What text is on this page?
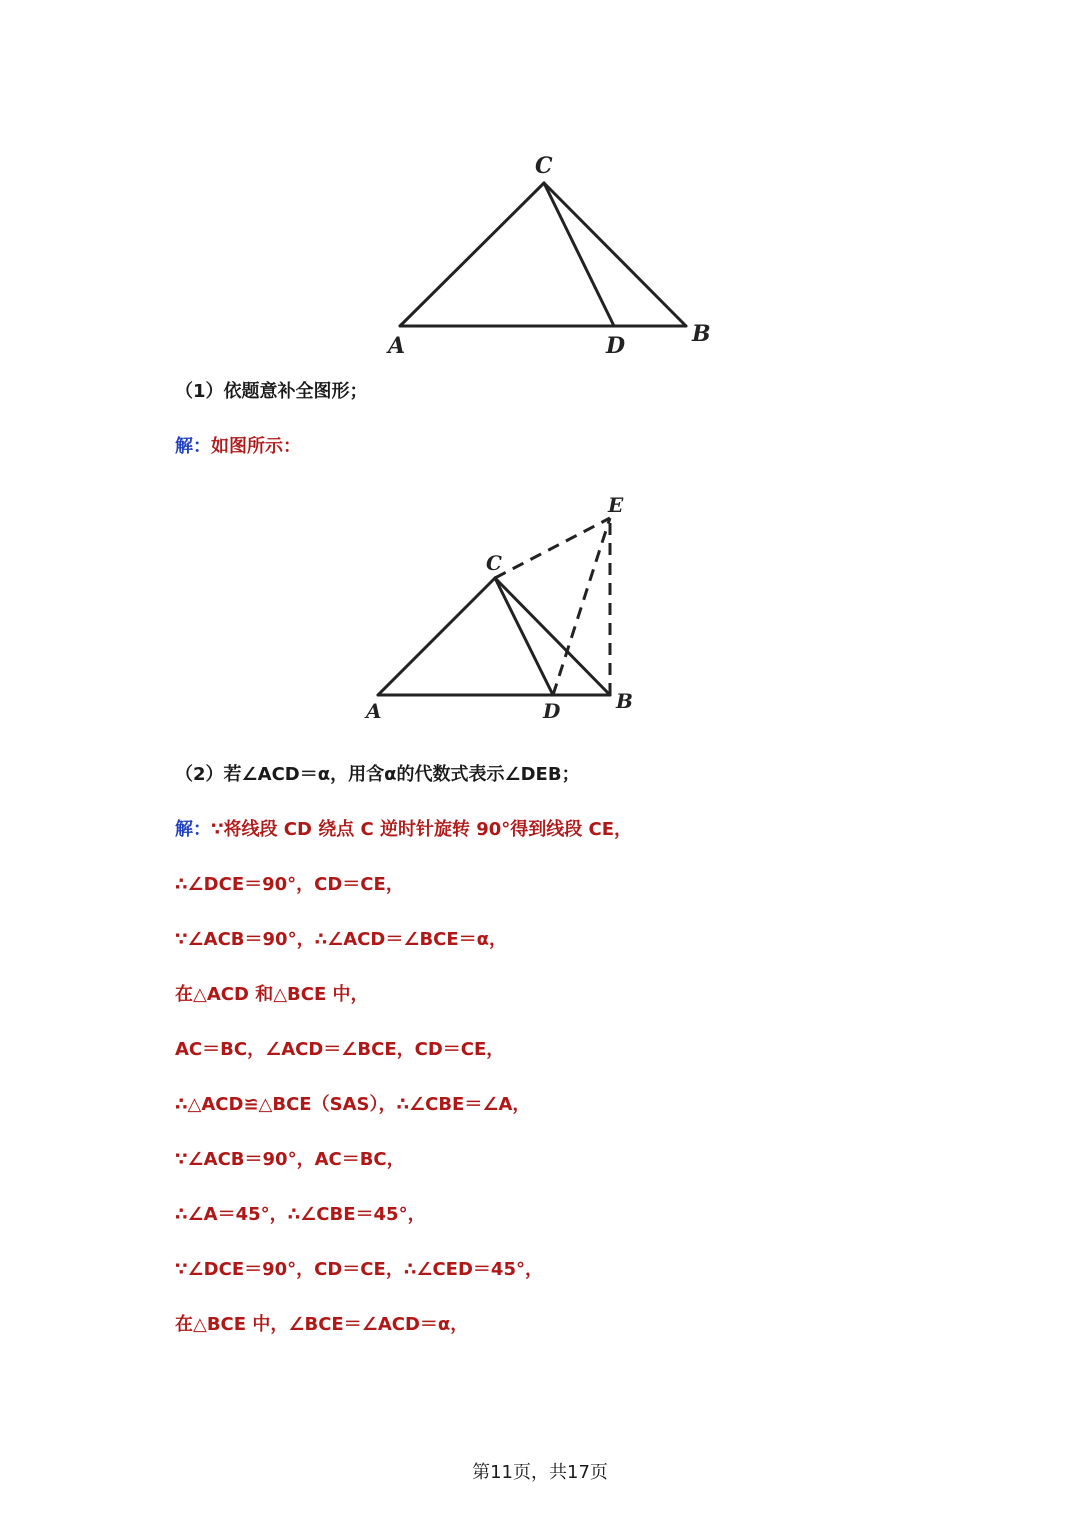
C
A	D	B
（1）依题意补全图形；
解：如图所示：
E
C
A	D	B
（2）若∠ACD＝α，用含α的代数式表示∠DEB；
解：∵将线段 CD 绕点 C 逆时针旋转 90°得到线段 CE，
∴∠DCE＝90°，CD＝CE，
∵∠ACB＝90°，∴∠ACD＝∠BCE＝α，
在△ACD 和△BCE 中，
AC＝BC，∠ACD＝∠BCE，CD＝CE，
∴△ACD≌△BCE（SAS），∴∠CBE＝∠A，
∵∠ACB＝90°，AC＝BC，
∴∠A＝45°，∴∠CBE＝45°，
∵∠DCE＝90°，CD＝CE，∴∠CED＝45°，
在△BCE 中，∠BCE＝∠ACD＝α，
第11页，共17页
